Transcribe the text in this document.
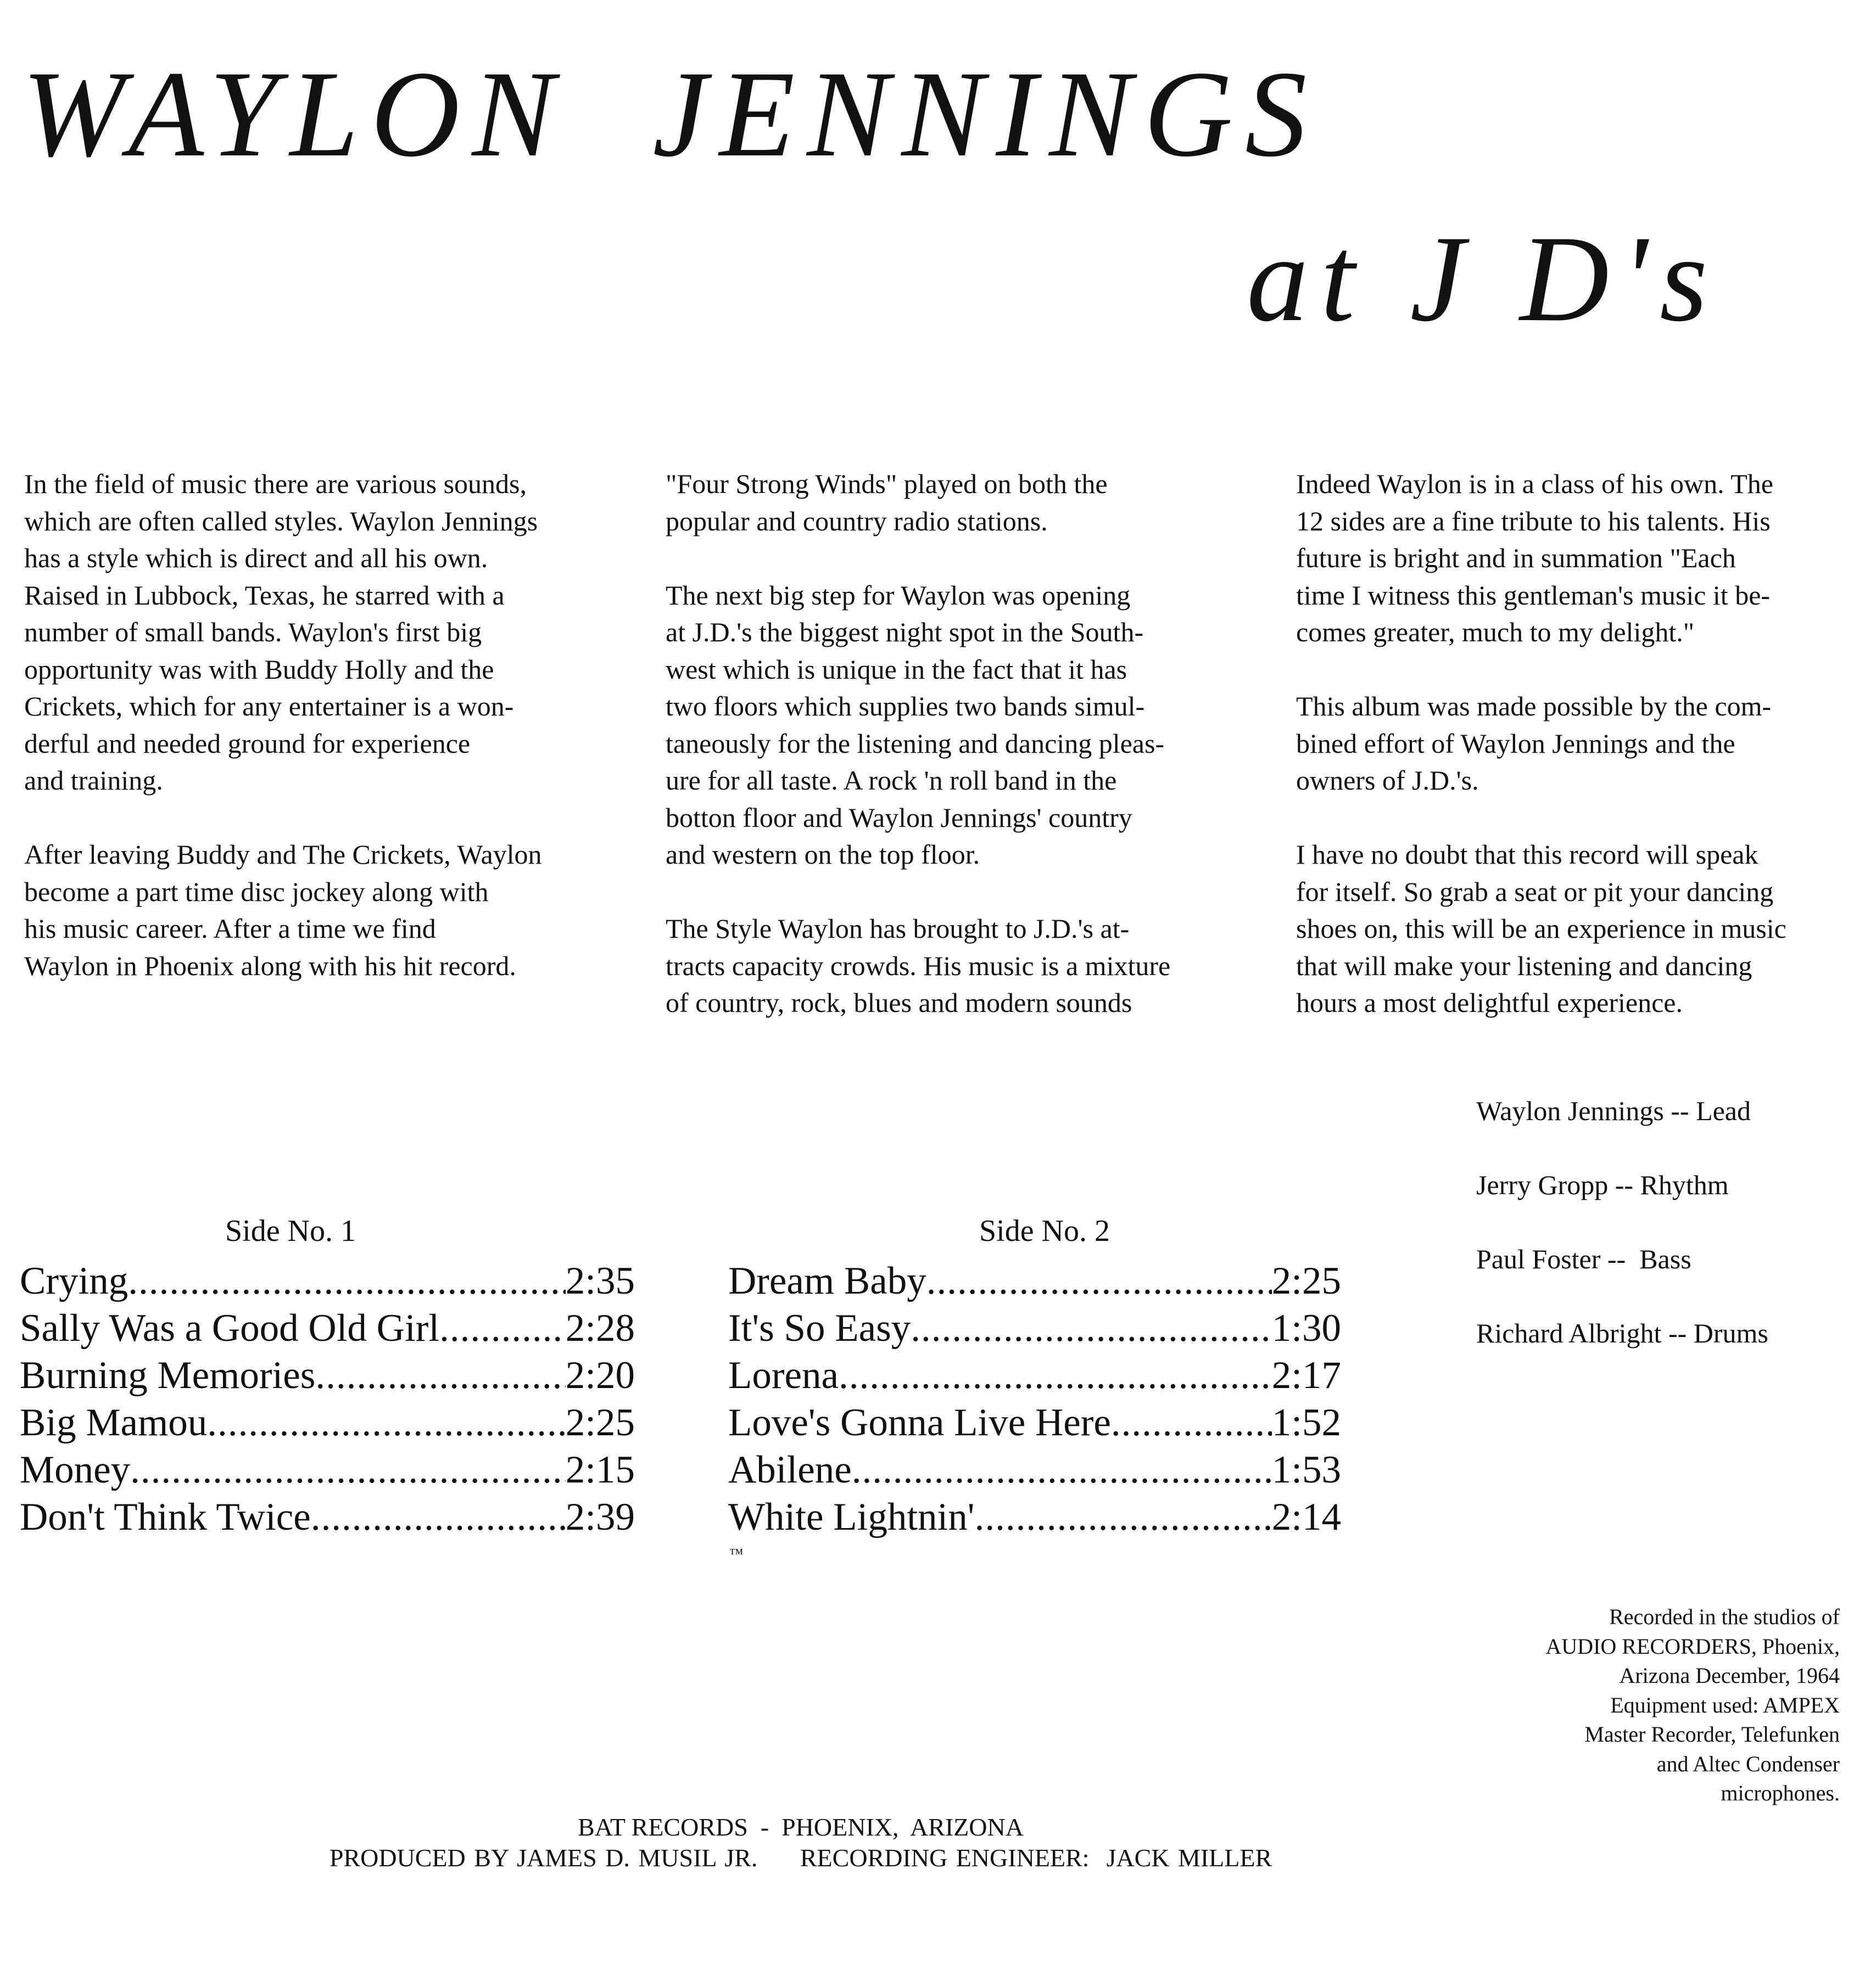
WAYLON  JENNINGS
at J D's

In the field of music there are various sounds,
which are often called styles. Waylon Jennings
has a style which is direct and all his own.
Raised in Lubbock, Texas, he starred with a
number of small bands. Waylon's first big
opportunity was with Buddy Holly and the
Crickets, which for any entertainer is a won-
derful and needed ground for experience
and training.

After leaving Buddy and The Crickets, Waylon
become a part time disc jockey along with
his music career. After a time we find
Waylon in Phoenix along with his hit record.

"Four Strong Winds" played on both the
popular and country radio stations.

The next big step for Waylon was opening
at J.D.'s the biggest night spot in the South-
west which is unique in the fact that it has
two floors which supplies two bands simul-
taneously for the listening and dancing pleas-
ure for all taste. A rock 'n roll band in the
botton floor and Waylon Jennings' country
and western on the top floor.

The Style Waylon has brought to J.D.'s at-
tracts capacity crowds. His music is a mixture
of country, rock, blues and modern sounds

Indeed Waylon is in a class of his own. The
12 sides are a fine tribute to his talents. His
future is bright and in summation "Each
time I witness this gentleman's music it be-
comes greater, much to my delight."

This album was made possible by the com-
bined effort of Waylon Jennings and the
owners of J.D.'s.

I have no doubt that this record will speak
for itself. So grab a seat or pit your dancing
shoes on, this will be an experience in music
that will make your listening and dancing
hours a most delightful experience.

Waylon Jennings -- Lead
Jerry Gropp -- Rhythm
Paul Foster --  Bass
Richard Albright -- Drums
Side No. 1	Side No. 2
Crying .....	2:35
Sally Was a Good Old Girl .....	2:28
Burning Memories .....	2:20
Big Mamou .....	2:25
Money .....	2:15
Don't Think Twice .....	2:39
Dream Baby .....	2:25
It's So Easy .....	1:30
Lorena .....	2:17
Love's Gonna Live Here .....	1:52
Abilene .....	1:53
White Lightnin' .....	2:14
™
Recorded in the studios of
AUDIO RECORDERS, Phoenix,
Arizona December, 1964
Equipment used: AMPEX
Master Recorder, Telefunken
and Altec Condenser
microphones.
BAT RECORDS  -  PHOENIX,  ARIZONA
PRODUCED BY JAMES D. MUSIL JR.     RECORDING ENGINEER:  JACK MILLER
